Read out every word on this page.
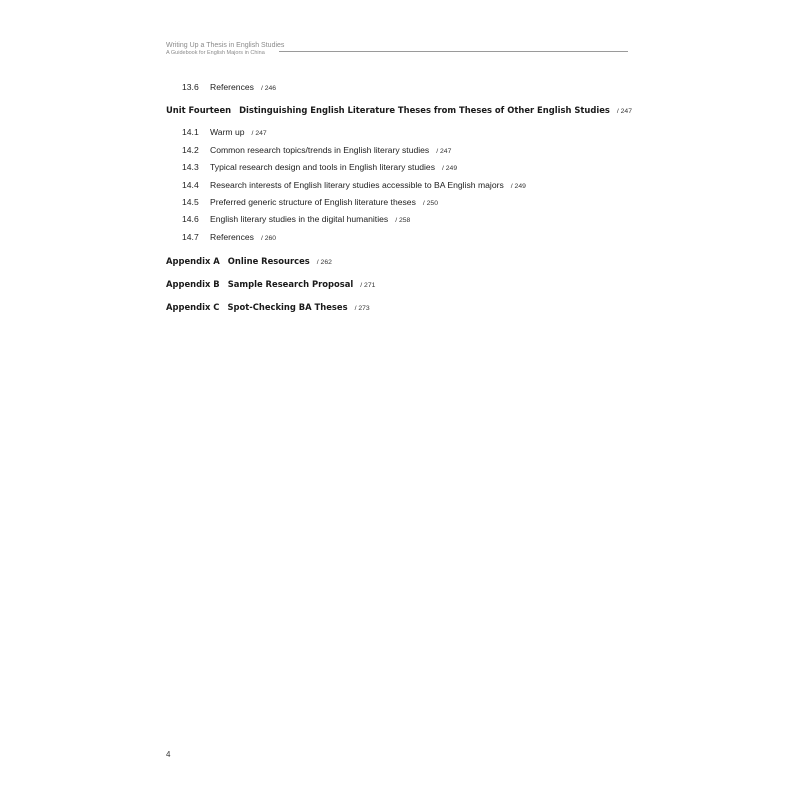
Writing Up a Thesis in English Studies
A Guidebook for English Majors in China
13.6 References / 246
Unit Fourteen Distinguishing English Literature Theses from Theses of Other English Studies / 247
14.1 Warm up / 247
14.2 Common research topics/trends in English literary studies / 247
14.3 Typical research design and tools in English literary studies / 249
14.4 Research interests of English literary studies accessible to BA English majors / 249
14.5 Preferred generic structure of English literature theses / 250
14.6 English literary studies in the digital humanities / 258
14.7 References / 260
Appendix A Online Resources / 262
Appendix B Sample Research Proposal / 271
Appendix C Spot-Checking BA Theses / 273
4
